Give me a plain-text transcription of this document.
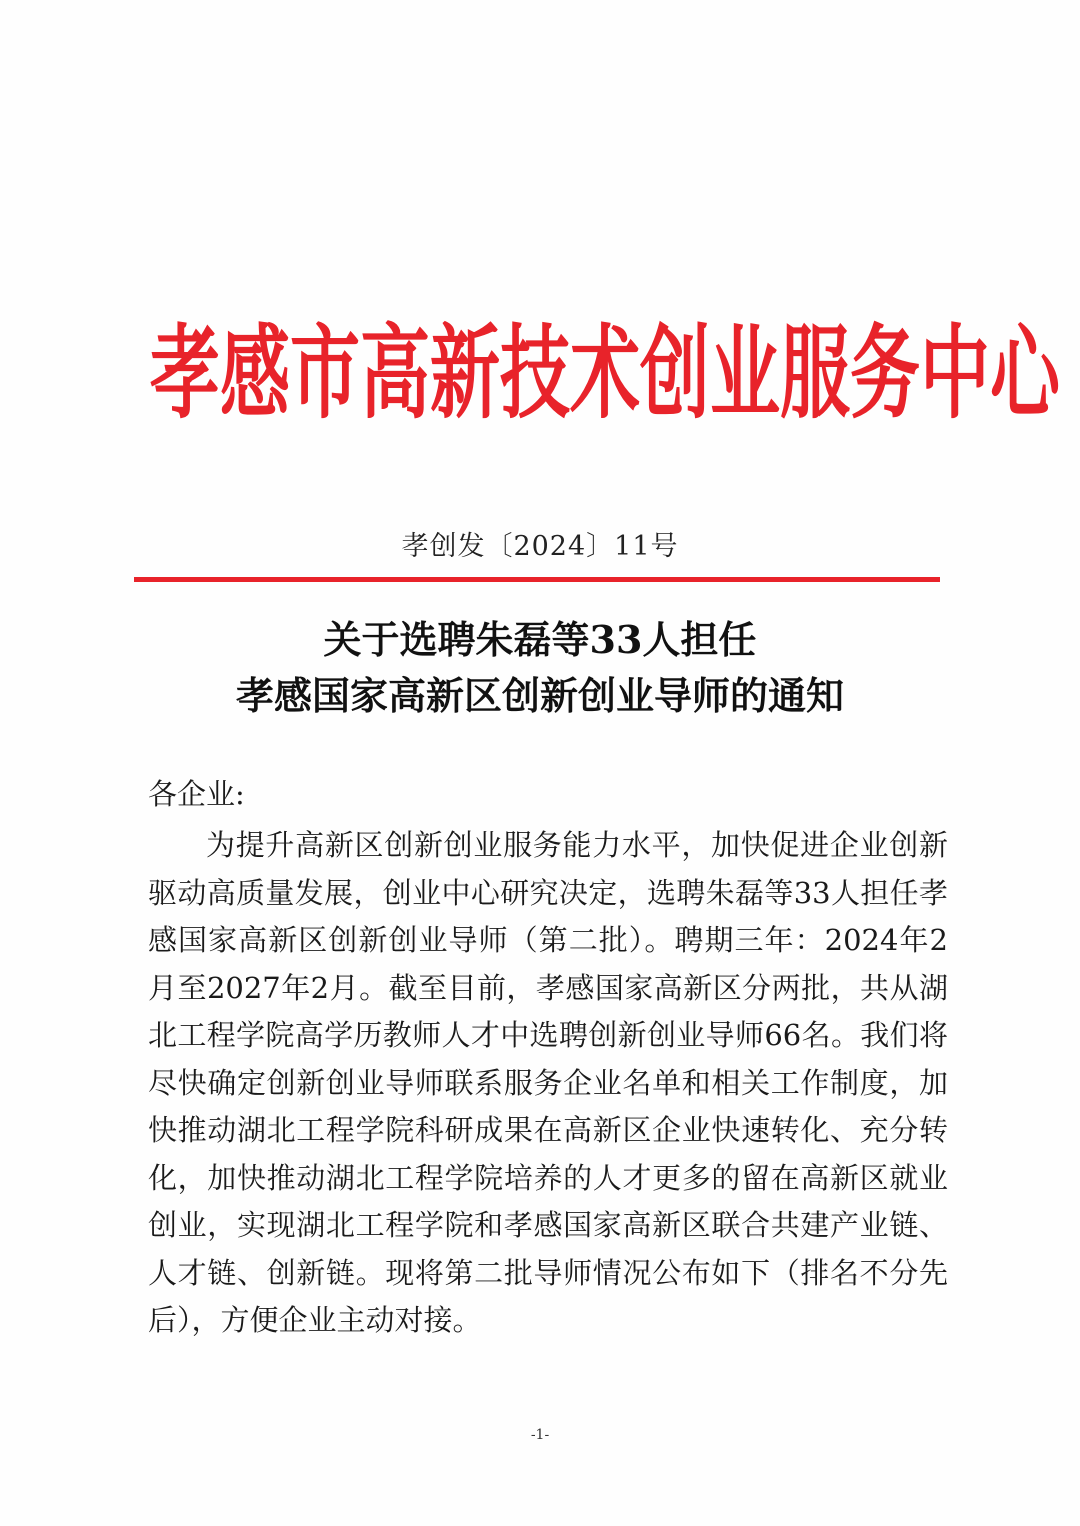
孝 感 市 高 新 技 术 创 业 服 务 中 心
孝创发〔2024〕11号
关于选聘朱磊等33人担任
孝感国家高新区创新创业导师的通知
各企业:

为提升高新区创新创业服务能力水平，加快促进企业创新驱动高质量发展，创业中心研究决定，选聘朱磊等33人担任孝感国家高新区创新创业导师（第二批）。聘期三年：2024年2月至2027年2月。截至目前，孝感国家高新区分两批，共从湖北工程学院高学历教师人才中选聘创新创业导师66名。我们将尽快确定创新创业导师联系服务企业名单和相关工作制度，加快推动湖北工程学院科研成果在高新区企业快速转化、充分转化，加快推动湖北工程学院培养的人才更多的留在高新区就业创业，实现湖北工程学院和孝感国家高新区联合共建产业链、人才链、创新链。现将第二批导师情况公布如下（排名不分先后），方便企业主动对接。

-1-
